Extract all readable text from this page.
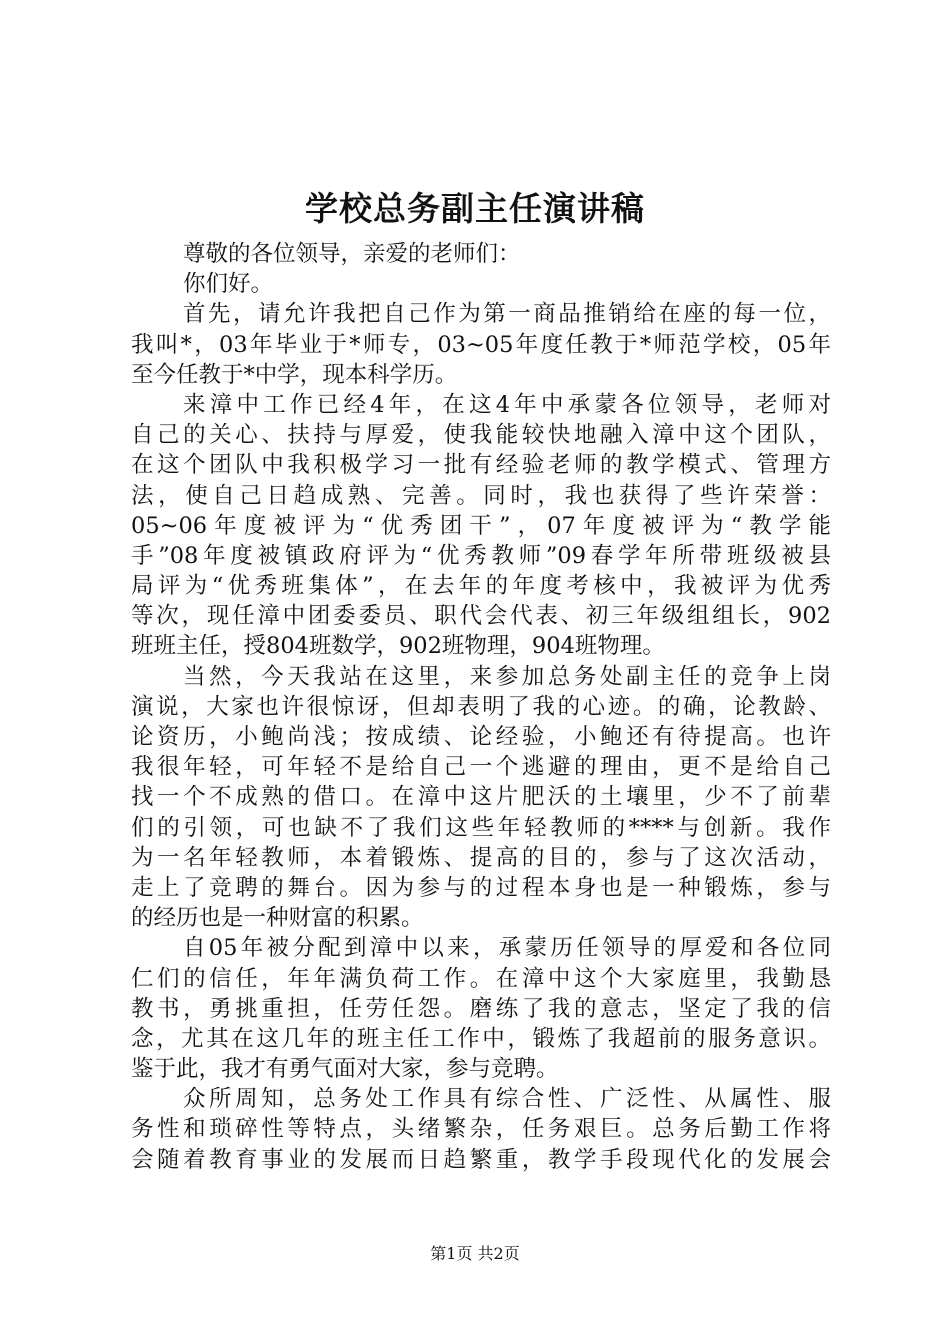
学校总务副主任演讲稿
尊敬的各位领导，亲爱的老师们：
你们好。
首先，请允许我把自己作为第一商品推销给在座的每一位，
我叫*，03年毕业于*师专，03~05年度任教于*师范学校，05年
至今任教于*中学，现本科学历。
来漳中工作已经4年，在这4年中承蒙各位领导，老师对
自己的关心、扶持与厚爱，使我能较快地融入漳中这个团队，
在这个团队中我积极学习一批有经验老师的教学模式、管理方
法，使自己日趋成熟、完善。同时，我也获得了些许荣誉：
05~06年度被评为“优秀团干”，07年度被评为“教学能
手”08年度被镇政府评为“优秀教师”09春学年所带班级被县
局评为“优秀班集体”，在去年的年度考核中，我被评为优秀
等次，现任漳中团委委员、职代会代表、初三年级组组长，902
班班主任，授804班数学，902班物理，904班物理。
当然，今天我站在这里，来参加总务处副主任的竞争上岗
演说，大家也许很惊讶，但却表明了我的心迹。的确，论教龄、
论资历，小鲍尚浅；按成绩、论经验，小鲍还有待提高。也许
我很年轻，可年轻不是给自己一个逃避的理由，更不是给自己
找一个不成熟的借口。在漳中这片肥沃的土壤里，少不了前辈
们的引领，可也缺不了我们这些年轻教师的****与创新。我作
为一名年轻教师，本着锻炼、提高的目的，参与了这次活动，
走上了竞聘的舞台。因为参与的过程本身也是一种锻炼，参与
的经历也是一种财富的积累。
自05年被分配到漳中以来，承蒙历任领导的厚爱和各位同
仁们的信任，年年满负荷工作。在漳中这个大家庭里，我勤恳
教书，勇挑重担，任劳任怨。磨练了我的意志，坚定了我的信
念，尤其在这几年的班主任工作中，锻炼了我超前的服务意识。
鉴于此，我才有勇气面对大家，参与竞聘。
众所周知，总务处工作具有综合性、广泛性、从属性、服
务性和琐碎性等特点，头绪繁杂，任务艰巨。总务后勤工作将
会随着教育事业的发展而日趋繁重，教学手段现代化的发展会
第1页 共2页
